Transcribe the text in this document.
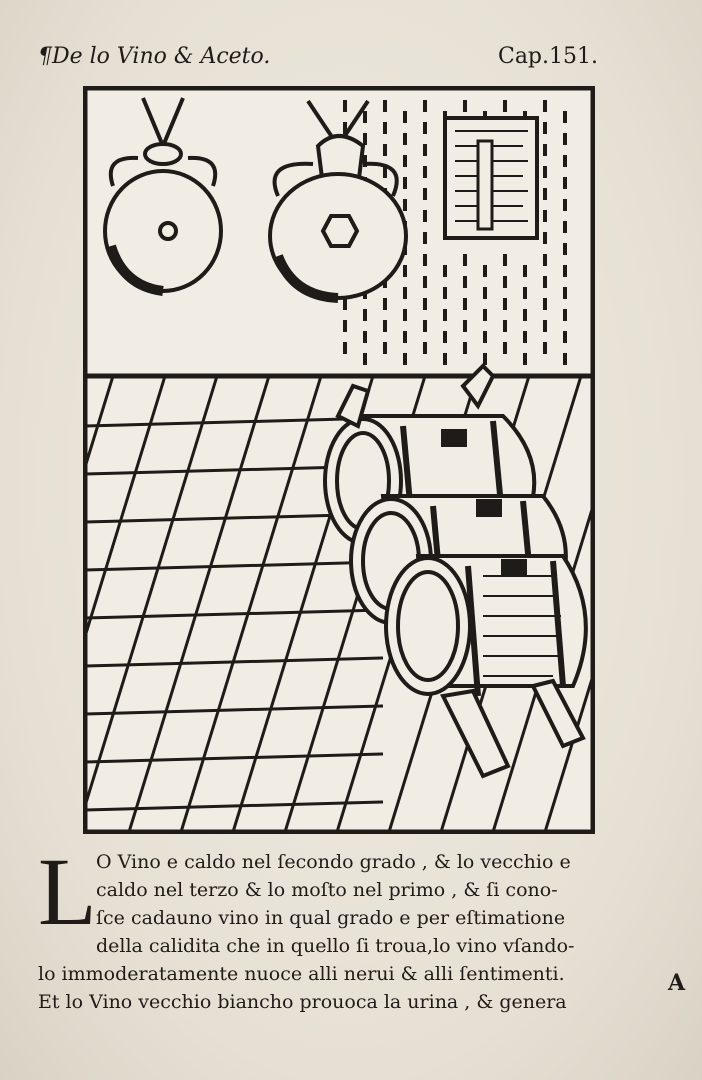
¶De lo Vino & Aceto.	Cap.151.
L O Vino e caldo nel ſecondo grado , & lo vecchio e
caldo nel terzo & lo moſto nel primo , & ſi cono-
ſce cadauno vino in qual grado e per eſtimatione
della calidita che in quello ſi troua,lo vino vſando-
lo immoderatamente nuoce alli nerui & alli ſentimenti.
Et lo Vino vecchio biancho prouoca la urina , & genera
A
